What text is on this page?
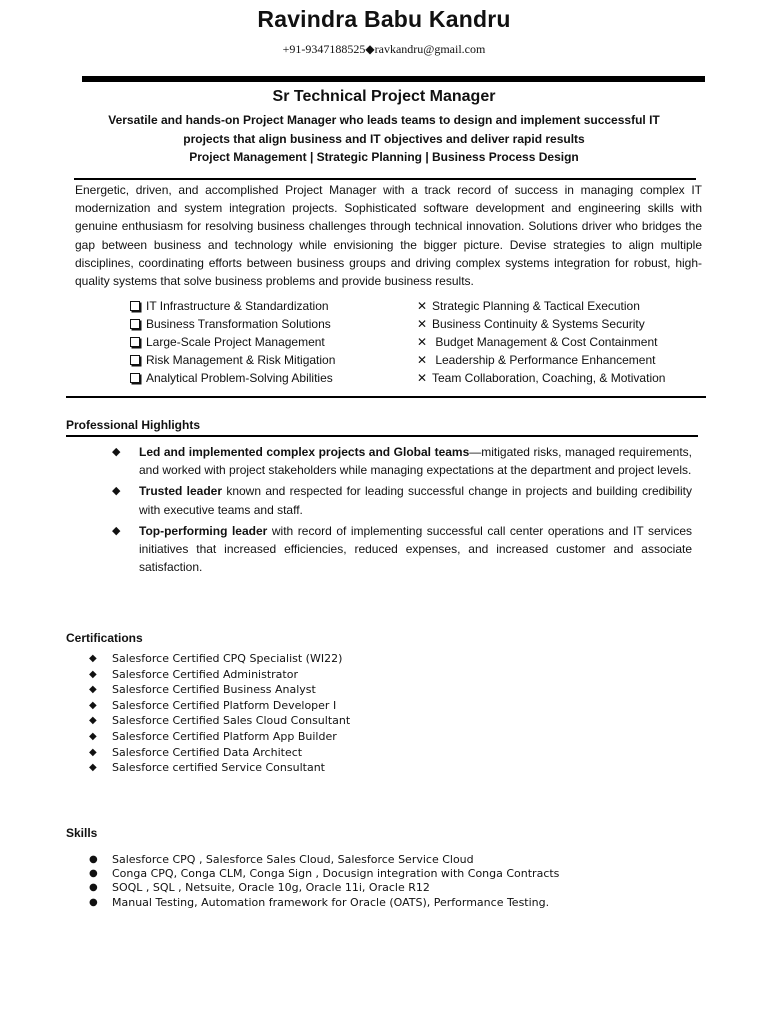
Ravindra Babu Kandru
+91-9347188525◆ravkandru@gmail.com
Sr Technical Project Manager
Versatile and hands-on Project Manager who leads teams to design and implement successful IT
projects that align business and IT objectives and deliver rapid results
Project Management | Strategic Planning | Business Process Design
Energetic, driven, and accomplished Project Manager with a track record of success in managing complex IT modernization and system integration projects. Sophisticated software development and engineering skills with genuine enthusiasm for resolving business challenges through technical innovation. Solutions driver who bridges the gap between business and technology while envisioning the bigger picture. Devise strategies to align multiple disciplines, coordinating efforts between business groups and driving complex systems integration for robust, high-quality systems that solve business problems and provide business results.
IT Infrastructure & Standardization
Business Transformation Solutions
Large-Scale Project Management
Risk Management & Risk Mitigation
Analytical Problem-Solving Abilities
✕ Strategic Planning & Tactical Execution
✕ Business Continuity & Systems Security
✕ Budget Management & Cost Containment
✕ Leadership & Performance Enhancement
✕ Team Collaboration, Coaching, & Motivation
Professional Highlights
◆ Led and implemented complex projects and Global teams—mitigated risks, managed requirements, and worked with project stakeholders while managing expectations at the department and project levels.
◆ Trusted leader known and respected for leading successful change in projects and building credibility with executive teams and staff.
◆ Top-performing leader with record of implementing successful call center operations and IT services initiatives that increased efficiencies, reduced expenses, and increased customer and associate satisfaction.
Certifications
◆ Salesforce Certified CPQ Specialist (WI22)
◆ Salesforce Certified Administrator
◆ Salesforce Certified Business Analyst
◆ Salesforce Certified Platform Developer I
◆ Salesforce Certified Sales Cloud Consultant
◆ Salesforce Certified Platform App Builder
◆ Salesforce Certified Data Architect
◆ Salesforce certified Service Consultant
Skills
● Salesforce CPQ , Salesforce Sales Cloud, Salesforce Service Cloud
● Conga CPQ, Conga CLM, Conga Sign , Docusign integration with Conga Contracts
● SOQL , SQL , Netsuite, Oracle 10g, Oracle 11i, Oracle R12
● Manual Testing, Automation framework for Oracle (OATS), Performance Testing.
